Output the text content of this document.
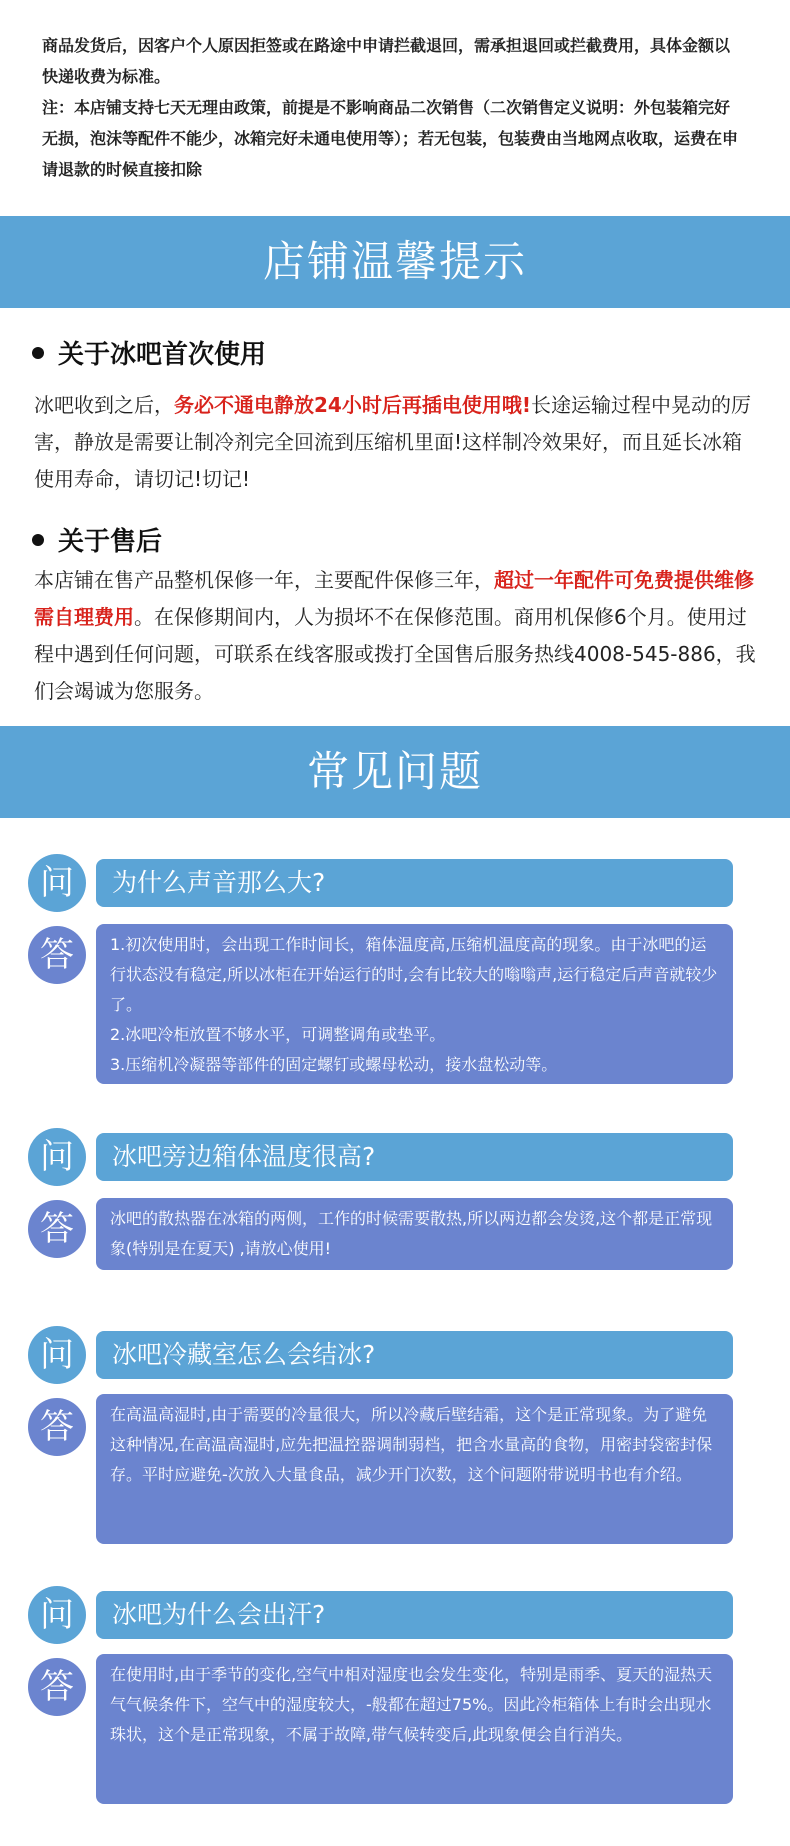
商品发货后，因客户个人原因拒签或在路途中申请拦截退回，需承担退回或拦截费用，具体金额以快递收费为标准。

注：本店铺支持七天无理由政策，前提是不影响商品二次销售（二次销售定义说明：外包装箱完好无损，泡沫等配件不能少，冰箱完好未通电使用等）；若无包装，包装费由当地网点收取，运费在申请退款的时候直接扣除

店铺温馨提示
关于冰吧首次使用
冰吧收到之后，务必不通电静放24小时后再插电使用哦!长途运输过程中晃动的厉害，静放是需要让制冷剂完全回流到压缩机里面!这样制冷效果好，而且延长冰箱使用寿命，请切记!切记!
关于售后
本店铺在售产品整机保修一年，主要配件保修三年，超过一年配件可免费提供维修需自理费用。在保修期间内，人为损坏不在保修范围。商用机保修6个月。使用过程中遇到任何问题，可联系在线客服或拨打全国售后服务热线4008-545-886，我们会竭诚为您服务。
常见问题
问	为什么声音那么大?
答	1.初次使用时，会出现工作时间长，箱体温度高,压缩机温度高的现象。由于冰吧的运行状态没有稳定,所以冰柜在开始运行的时,会有比较大的嗡嗡声,运行稳定后声音就较少了。

2.冰吧冷柜放置不够水平，可调整调角或垫平。

3.压缩机冷凝器等部件的固定螺钉或螺母松动，接水盘松动等。

问	冰吧旁边箱体温度很高?
答	冰吧的散热器在冰箱的两侧，工作的时候需要散热,所以两边都会发烫,这个都是正常现象(特别是在夏天) ,请放心使用!

问	冰吧冷藏室怎么会结冰?
答	在高温高湿时,由于需要的冷量很大，所以冷藏后壁结霜，这个是正常现象。为了避免这种情况,在高温高湿时,应先把温控器调制弱档，把含水量高的食物，用密封袋密封保存。平时应避免-次放入大量食品，减少开门次数，这个问题附带说明书也有介绍。

问	冰吧为什么会出汗?
答	在使用时,由于季节的变化,空气中相对湿度也会发生变化，特别是雨季、夏天的湿热天气气候条件下，空气中的湿度较大，-般都在超过75%。因此冷柜箱体上有时会出现水珠状，这个是正常现象，不属于故障,带气候转变后,此现象便会自行消失。
